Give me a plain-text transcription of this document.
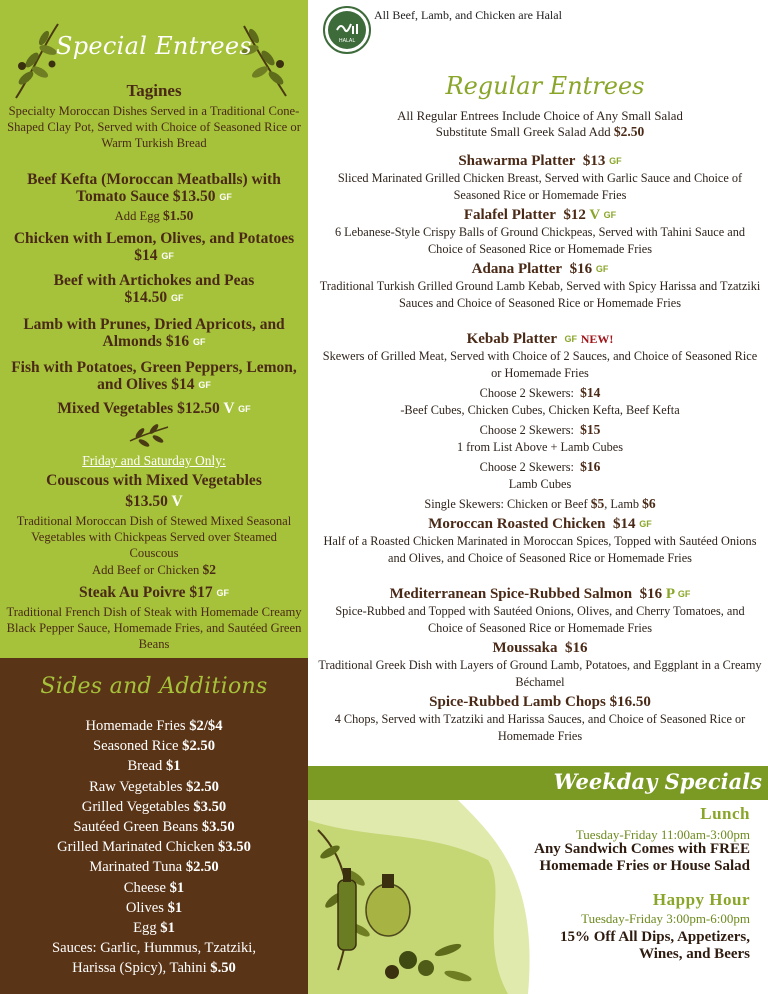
Special Entrees
Tagines
Specialty Moroccan Dishes Served in a Traditional Cone-Shaped Clay Pot, Served with Choice of Seasoned Rice or Warm Turkish Bread
Beef Kefta (Moroccan Meatballs) with Tomato Sauce $13.50 GF
Add Egg $1.50
Chicken with Lemon, Olives, and Potatoes $14 GF
Beef with Artichokes and Peas
$14.50 GF
Lamb with Prunes, Dried Apricots, and Almonds $16 GF
Fish with Potatoes, Green Peppers, Lemon, and Olives $14 GF
Mixed Vegetables $12.50 V GF
Friday and Saturday Only:
Couscous with Mixed Vegetables
$13.50 V
Traditional Moroccan Dish of Stewed Mixed Seasonal Vegetables with Chickpeas Served over Steamed Couscous
Add Beef or Chicken $2
Steak Au Poivre $17 GF
Traditional French Dish of Steak with Homemade Creamy Black Pepper Sauce, Homemade Fries, and Sautéed Green Beans
Sides and Additions
Homemade Fries $2/$4
Seasoned Rice $2.50
Bread $1
Raw Vegetables $2.50
Grilled Vegetables $3.50
Sautéed Green Beans $3.50
Grilled Marinated Chicken $3.50
Marinated Tuna $2.50
Cheese $1
Olives $1
Egg $1
Sauces: Garlic, Hummus, Tzatziki,
Harissa (Spicy), Tahini $.50
HALAL
All Beef, Lamb, and Chicken are Halal
Regular Entrees
All Regular Entrees Include Choice of Any Small Salad
Substitute Small Greek Salad Add $2.50
Shawarma Platter $13 GF
Sliced Marinated Grilled Chicken Breast, Served with Garlic Sauce and Choice of Seasoned Rice or Homemade Fries
Falafel Platter $12 V GF
6 Lebanese-Style Crispy Balls of Ground Chickpeas, Served with Tahini Sauce and Choice of Seasoned Rice or Homemade Fries
Adana Platter $16 GF
Traditional Turkish Grilled Ground Lamb Kebab, Served with Spicy Harissa and Tzatziki Sauces and Choice of Seasoned Rice or Homemade Fries
Kebab Platter GF NEW!
Skewers of Grilled Meat, Served with Choice of 2 Sauces, and Choice of Seasoned Rice or Homemade Fries
Choose 2 Skewers: $14
-Beef Cubes, Chicken Cubes, Chicken Kefta, Beef Kefta
Choose 2 Skewers: $15
1 from List Above + Lamb Cubes
Choose 2 Skewers: $16
Lamb Cubes
Single Skewers: Chicken or Beef $5, Lamb $6
Moroccan Roasted Chicken $14 GF
Half of a Roasted Chicken Marinated in Moroccan Spices, Topped with Sautéed Onions and Olives, and Choice of Seasoned Rice or Homemade Fries
Mediterranean Spice-Rubbed Salmon $16 P GF
Spice-Rubbed and Topped with Sautéed Onions, Olives, and Cherry Tomatoes, and Choice of Seasoned Rice or Homemade Fries
Moussaka $16
Traditional Greek Dish with Layers of Ground Lamb, Potatoes, and Eggplant in a Creamy Béchamel
Spice-Rubbed Lamb Chops $16.50
4 Chops, Served with Tzatziki and Harissa Sauces, and Choice of Seasoned Rice or Homemade Fries
Weekday Specials
Lunch
Tuesday-Friday 11:00am-3:00pm
Any Sandwich Comes with FREE
Homemade Fries or House Salad
Happy Hour
Tuesday-Friday 3:00pm-6:00pm
15% Off All Dips, Appetizers,
Wines, and Beers
